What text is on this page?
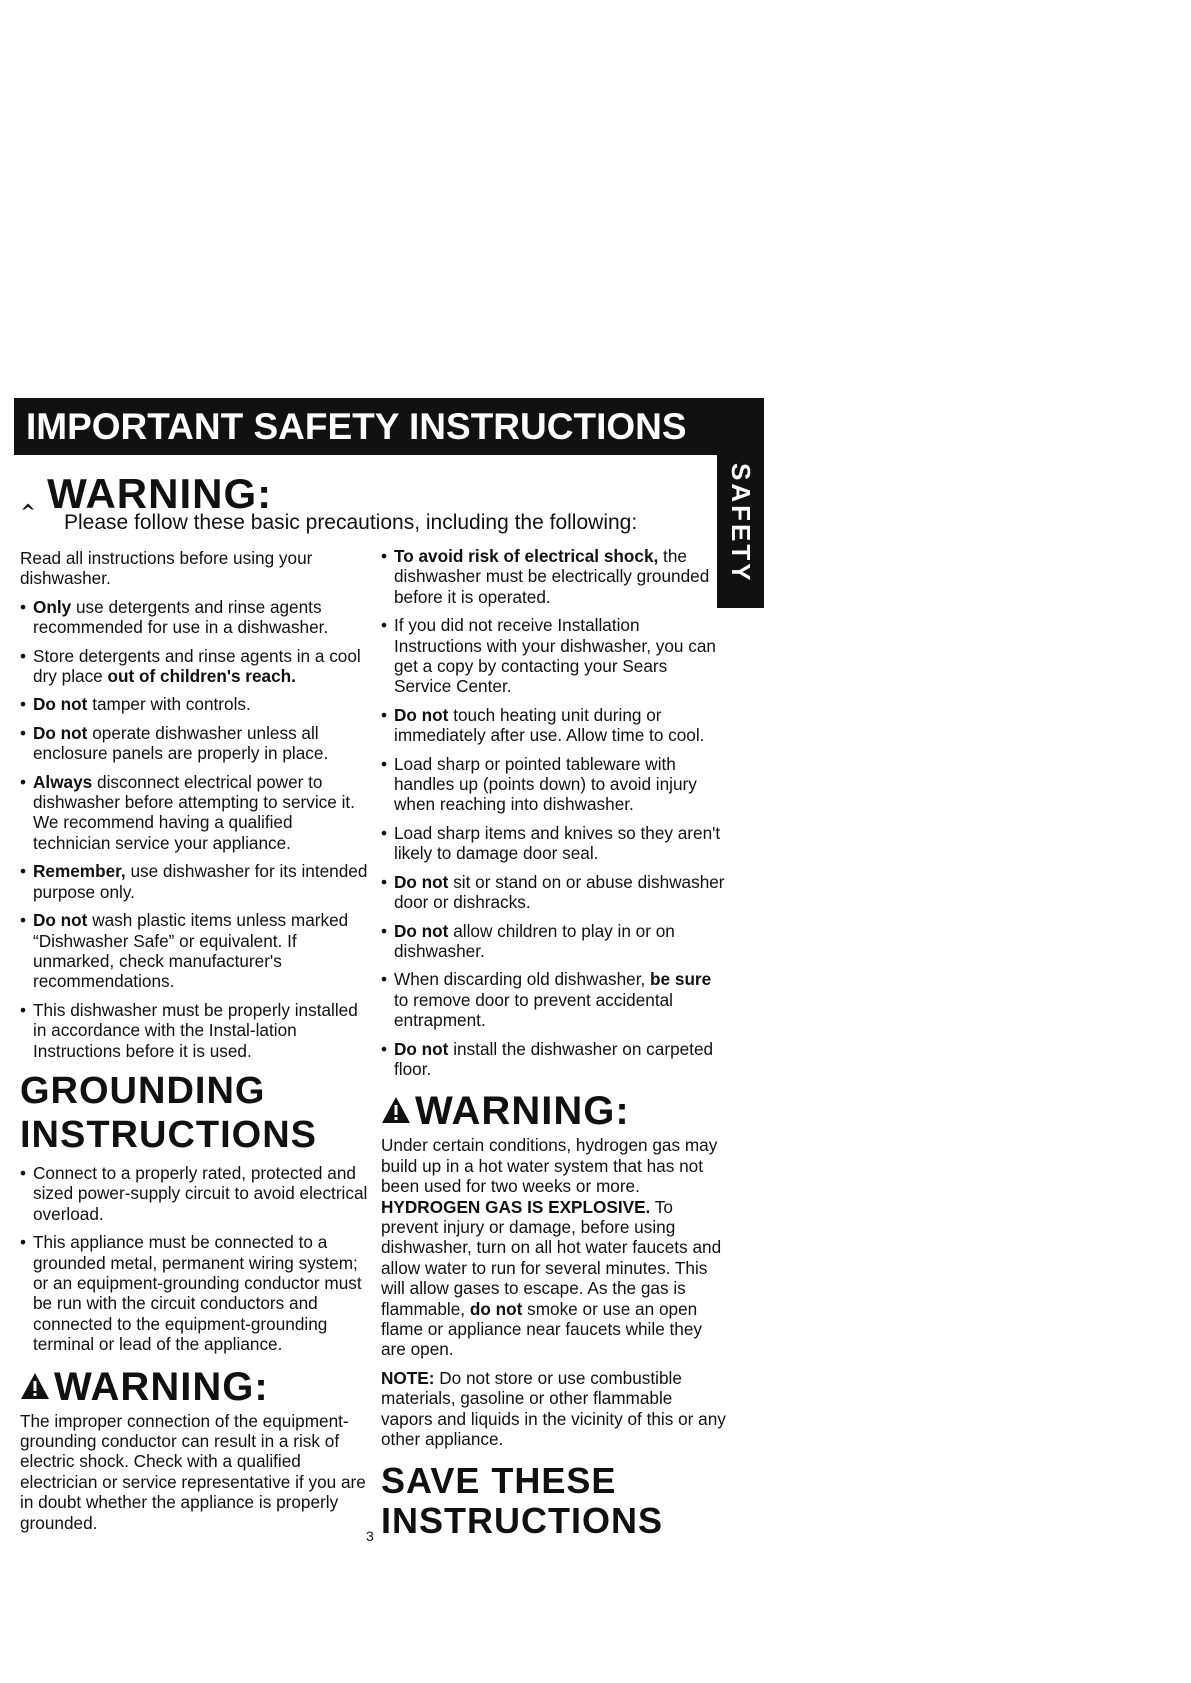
IMPORTANT SAFETY INSTRUCTIONS
SAFETY
‸ WARNING:
Please follow these basic precautions, including the following:

Read all instructions before using your dishwasher.

• Only use detergents and rinse agents recommended for use in a dishwasher.
• Store detergents and rinse agents in a cool dry place out of children's reach.
• Do not tamper with controls.
• Do not operate dishwasher unless all enclosure panels are properly in place.
• Always disconnect electrical power to dishwasher before attempting to service it. We recommend having a qualified technician service your appliance.
• Remember, use dishwasher for its intended purpose only.
• Do not wash plastic items unless marked “Dishwasher Safe” or equivalent. If unmarked, check manufacturer's recommendations.
• This dishwasher must be properly installed in accordance with the Instal-lation Instructions before it is used.
GROUNDING
INSTRUCTIONS
• Connect to a properly rated, protected and sized power-supply circuit to avoid electrical overload.
• This appliance must be connected to a grounded metal, permanent wiring system; or an equipment-grounding conductor must be run with the circuit conductors and connected to the equipment-grounding terminal or lead of the appliance.
WARNING:

The improper connection of the equipment-grounding conductor can result in a risk of electric shock. Check with a qualified electrician or service representative if you are in doubt whether the appliance is properly grounded.

• To avoid risk of electrical shock, the dishwasher must be electrically grounded before it is operated.
• If you did not receive Installation Instructions with your dishwasher, you can get a copy by contacting your Sears Service Center.
• Do not touch heating unit during or immediately after use. Allow time to cool.
• Load sharp or pointed tableware with handles up (points down) to avoid injury when reaching into dishwasher.
• Load sharp items and knives so they aren't likely to damage door seal.
• Do not sit or stand on or abuse dishwasher door or dishracks.
• Do not allow children to play in or on dishwasher.
• When discarding old dishwasher, be sure to remove door to prevent accidental entrapment.
• Do not install the dishwasher on carpeted floor.
WARNING:

Under certain conditions, hydrogen gas may build up in a hot water system that has not been used for two weeks or more. HYDROGEN GAS IS EXPLOSIVE. To prevent injury or damage, before using dishwasher, turn on all hot water faucets and allow water to run for several minutes. This will allow gases to escape. As the gas is flammable, do not smoke or use an open flame or appliance near faucets while they are open.

NOTE: Do not store or use combustible materials, gasoline or other flammable vapors and liquids in the vicinity of this or any other appliance.

SAVE THESE
INSTRUCTIONS
3
